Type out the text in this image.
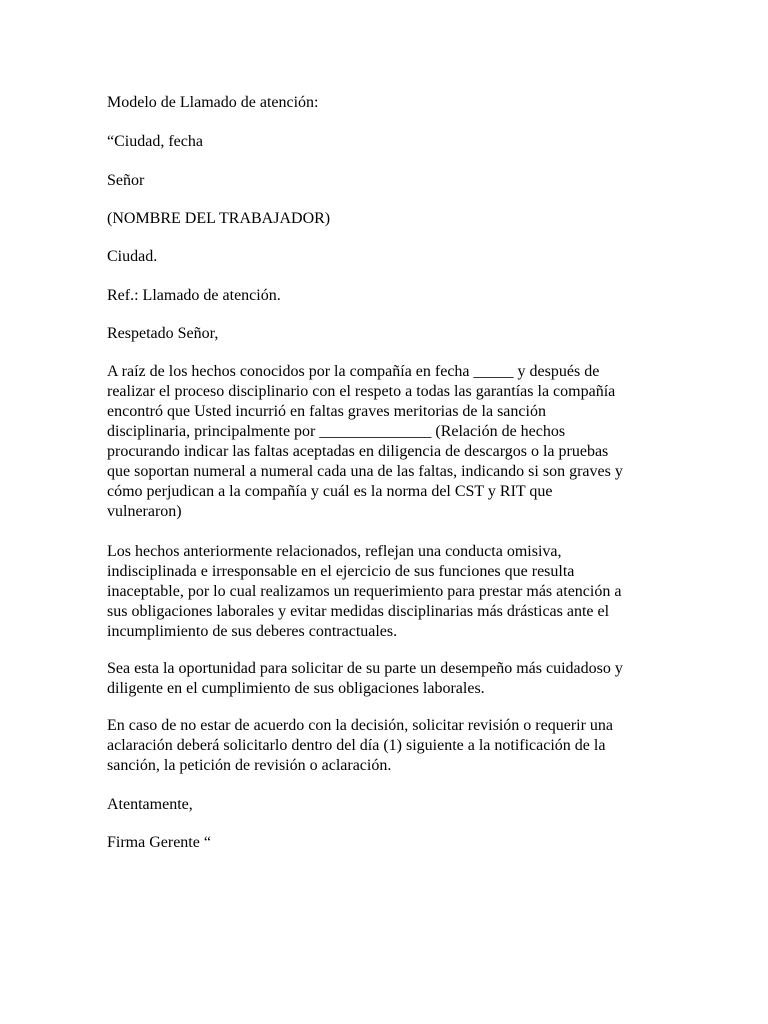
Modelo de Llamado de atención:
“Ciudad, fecha
Señor
(NOMBRE DEL TRABAJADOR)
Ciudad.
Ref.: Llamado de atención.
Respetado Señor,
A raíz de los hechos conocidos por la compañía en fecha _____ y después de
realizar el proceso disciplinario con el respeto a todas las garantías la compañía
encontró que Usted incurrió en faltas graves meritorias de la sanción
disciplinaria, principalmente por ______________ (Relación de hechos
procurando indicar las faltas aceptadas en diligencia de descargos o la pruebas
que soportan numeral a numeral cada una de las faltas, indicando si son graves y
cómo perjudican a la compañía y cuál es la norma del CST y RIT que
vulneraron)
Los hechos anteriormente relacionados, reflejan una conducta omisiva,
indisciplinada e irresponsable en el ejercicio de sus funciones que resulta
inaceptable, por lo cual realizamos un requerimiento para prestar más atención a
sus obligaciones laborales y evitar medidas disciplinarias más drásticas ante el
incumplimiento de sus deberes contractuales.
Sea esta la oportunidad para solicitar de su parte un desempeño más cuidadoso y
diligente en el cumplimiento de sus obligaciones laborales.
En caso de no estar de acuerdo con la decisión, solicitar revisión o requerir una
aclaración deberá solicitarlo dentro del día (1) siguiente a la notificación de la
sanción, la petición de revisión o aclaración.
Atentamente,
Firma Gerente “
